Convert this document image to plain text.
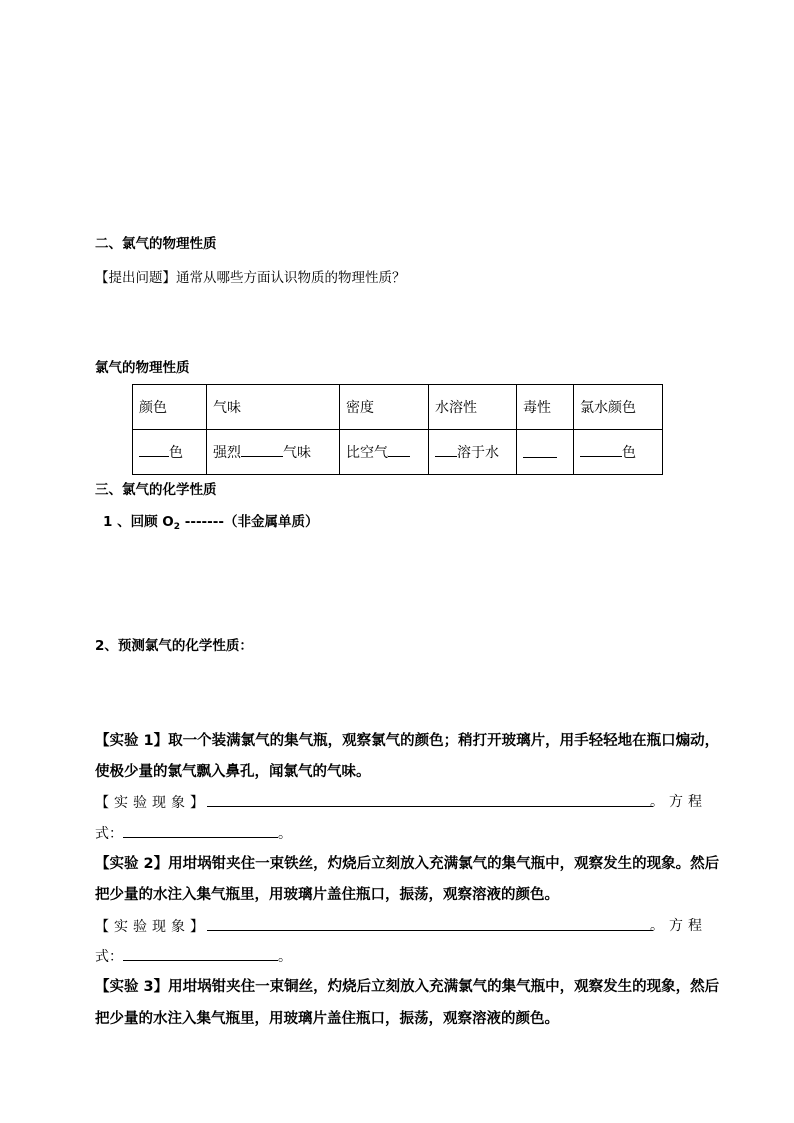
二、氯气的物理性质
【提出问题】通常从哪些方面认识物质的物理性质？
氯气的物理性质
颜色	气味	密度	水溶性	毒性	氯水颜色
色	强烈 气味	比空气	溶于水		色
三、氯气的化学性质
1 、回顾 $O_2$ -------（非金属单质）
2、预测氯气的化学性质：
【实验 1】取一个装满氯气的集气瓶，观察氯气的颜色；稍打开玻璃片，用手轻轻地在瓶口煽动，
使极少量的氯气飘入鼻孔，闻氯气的气味。
【实验现象】	。方程
式：	。
【实验 2】用坩埚钳夹住一束铁丝，灼烧后立刻放入充满氯气的集气瓶中，观察发生的现象。然后
把少量的水注入集气瓶里，用玻璃片盖住瓶口，振荡，观察溶液的颜色。
【实验现象】	。方程
式：	。
【实验 3】用坩埚钳夹住一束铜丝，灼烧后立刻放入充满氯气的集气瓶中，观察发生的现象，然后
把少量的水注入集气瓶里，用玻璃片盖住瓶口，振荡，观察溶液的颜色。
